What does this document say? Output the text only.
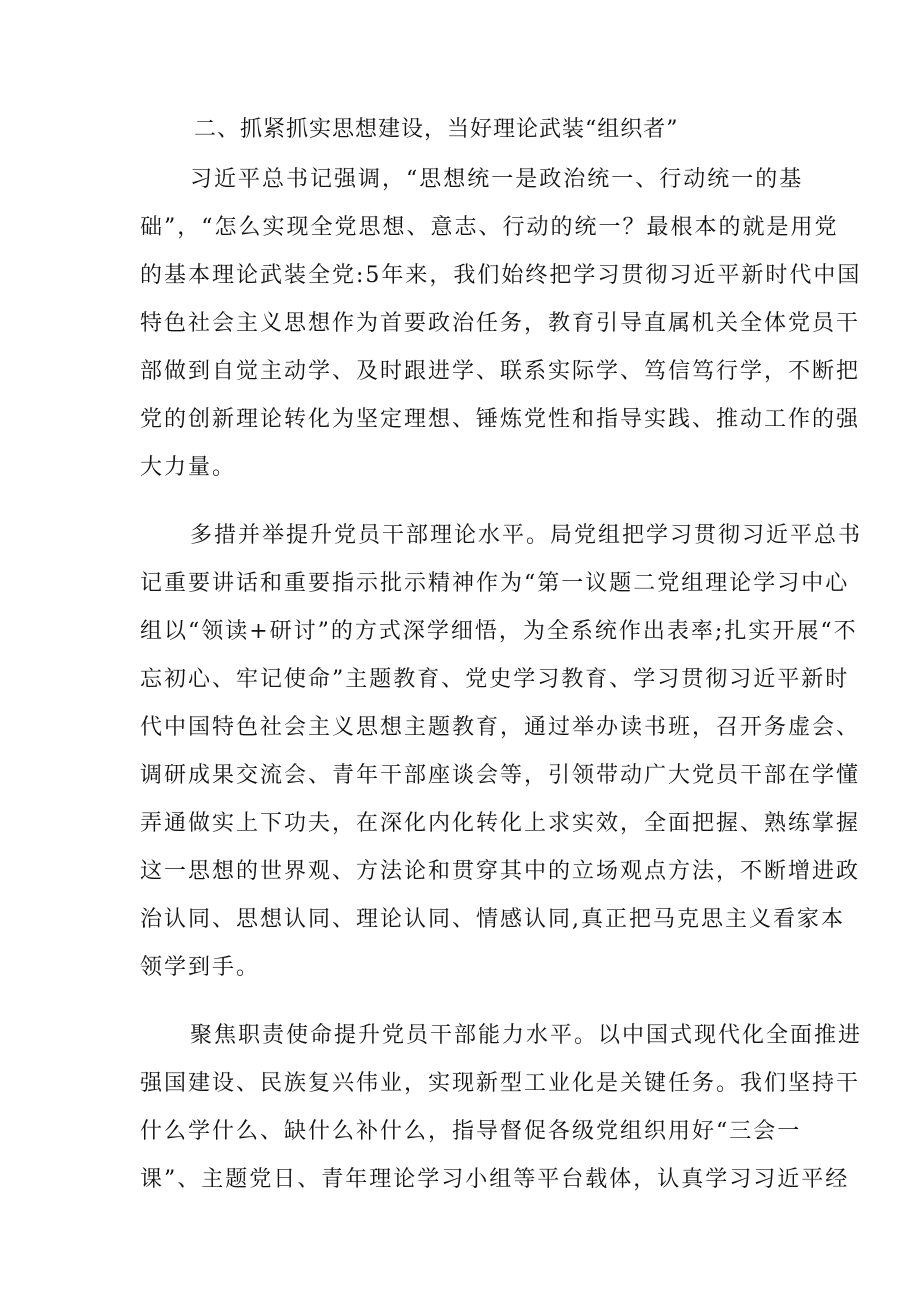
二、抓紧抓实思想建设，当好理论武装“组织者”
习近平总书记强调，“思想统一是政治统一、行动统一的基
础”，“怎么实现全党思想、意志、行动的统一？最根本的就是用党
的基本理论武装全党:5年来，我们始终把学习贯彻习近平新时代中国
特色社会主义思想作为首要政治任务，教育引导直属机关全体党员干
部做到自觉主动学、及时跟进学、联系实际学、笃信笃行学，不断把
党的创新理论转化为坚定理想、锤炼党性和指导实践、推动工作的强
大力量。
多措并举提升党员干部理论水平。局党组把学习贯彻习近平总书
记重要讲话和重要指示批示精神作为“第一议题二党组理论学习中心
组以“领读+研讨”的方式深学细悟，为全系统作出表率;扎实开展“不
忘初心、牢记使命”主题教育、党史学习教育、学习贯彻习近平新时
代中国特色社会主义思想主题教育，通过举办读书班，召开务虚会、
调研成果交流会、青年干部座谈会等，引领带动广大党员干部在学懂
弄通做实上下功夫，在深化内化转化上求实效，全面把握、熟练掌握
这一思想的世界观、方法论和贯穿其中的立场观点方法，不断增进政
治认同、思想认同、理论认同、情感认同,真正把马克思主义看家本
领学到手。
聚焦职责使命提升党员干部能力水平。以中国式现代化全面推进
强国建设、民族复兴伟业，实现新型工业化是关键任务。我们坚持干
什么学什么、缺什么补什么，指导督促各级党组织用好“三会一
课”、主题党日、青年理论学习小组等平台载体，认真学习习近平经
